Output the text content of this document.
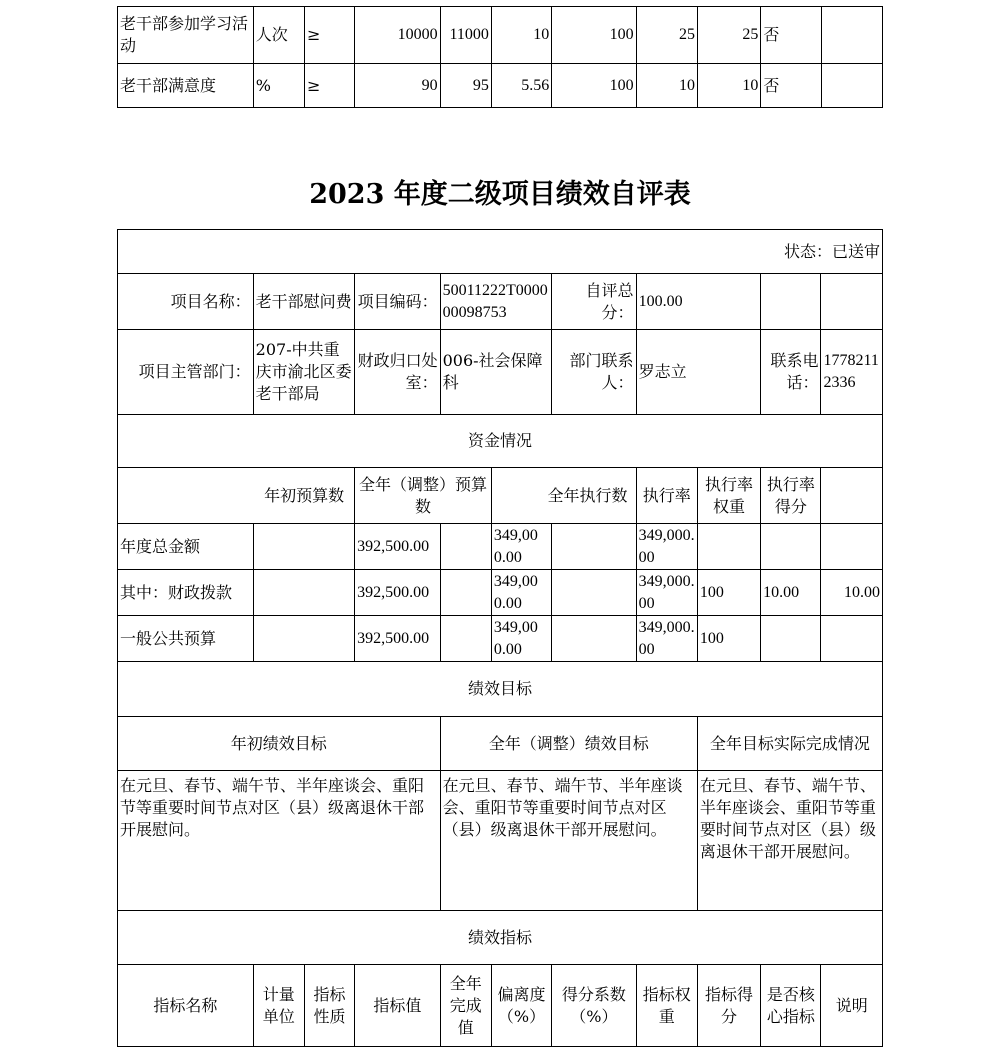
老干部参加学习活动	人次	≥	10000	11000	10	100	25	25	否	
老干部满意度	%	≥	90	95	5.56	100	10	10	否	
2023 年度二级项目绩效自评表
状态：已送审										
项目名称：	老干部慰问费		项目编码：	50011222T000000098753		自评总分：	100.00			
项目主管部门：	207-中共重庆市渝北区委老干部局		财政归口处室：	006-社会保障科		部门联系人：	罗志立		联系电话：	17782112336
资金情况										
年初预算数			全年（调整）预算数		全年执行数		执行率	执行率权重	执行率得分	
年度总金额			392,500.00		349,000.00		349,000.00			
其中：财政拨款			392,500.00		349,000.00		349,000.00	100	10.00	10.00
一般公共预算			392,500.00		349,000.00		349,000.00	100		
绩效目标										
年初绩效目标				全年（调整）绩效目标				全年目标实际完成情况		
在元旦、春节、端午节、半年座谈会、重阳节等重要时间节点对区（县）级离退休干部开展慰问。				在元旦、春节、端午节、半年座谈会、重阳节等重要时间节点对区（县）级离退休干部开展慰问。				在元旦、春节、端午节、半年座谈会、重阳节等重要时间节点对区（县）级离退休干部开展慰问。		
绩效指标										
指标名称	计量单位	指标性质	指标值	全年完成值	偏离度（%）	得分系数（%）	指标权重	指标得分	是否核心指标	说明
